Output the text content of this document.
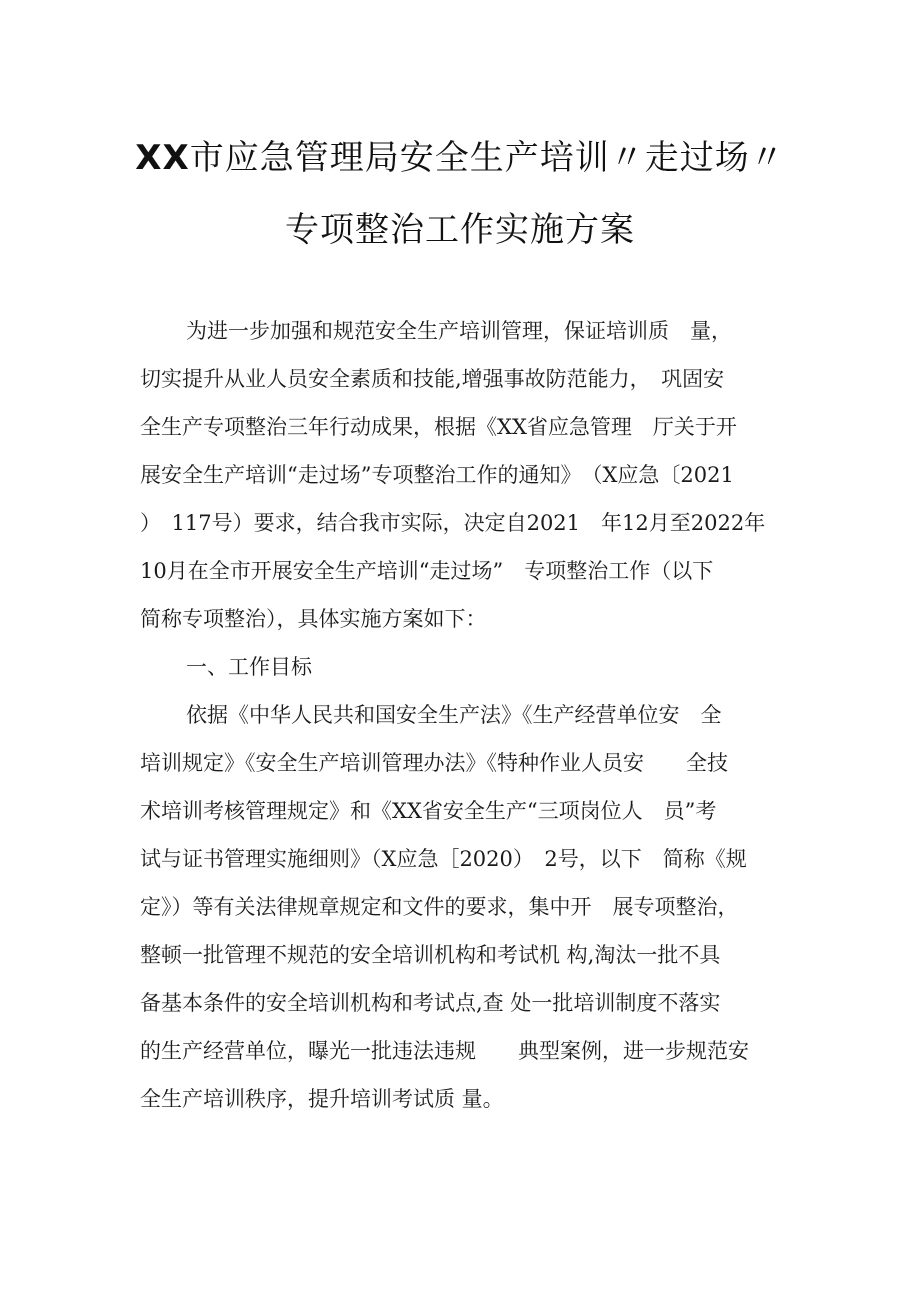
XX市应急管理局安全生产培训〃走过场〃
专项整治工作实施方案
为进一步加强和规范安全生产培训管理，保证培训质　量，
切实提升从业人员安全素质和技能,增强事故防范能力，　巩固安
全生产专项整治三年行动成果，根据《XX省应急管理　厅关于开
展安全生产培训“走过场”专项整治工作的通知》　（X应急〔2021
）　117号）要求，结合我市实际，决定自2021　年12月至2022年
10月在全市开展安全生产培训“走过场”　专项整治工作（以下
简称专项整治），具体实施方案如下：
一、工作目标
依据《中华人民共和国安全生产法》《生产经营单位安　全
培训规定》《安全生产培训管理办法》《特种作业人员安　　全技
术培训考核管理规定》和《XX省安全生产“三项岗位人　员”考
试与证书管理实施细则》（X应急［2020）　2号，以下　简称《规
定》）等有关法律规章规定和文件的要求，集中开　展专项整治，
整顿一批管理不规范的安全培训机构和考试机 构,淘汰一批不具
备基本条件的安全培训机构和考试点,查 处一批培训制度不落实
的生产经营单位，曝光一批违法违规　　典型案例，进一步规范安
全生产培训秩序，提升培训考试质 量。
